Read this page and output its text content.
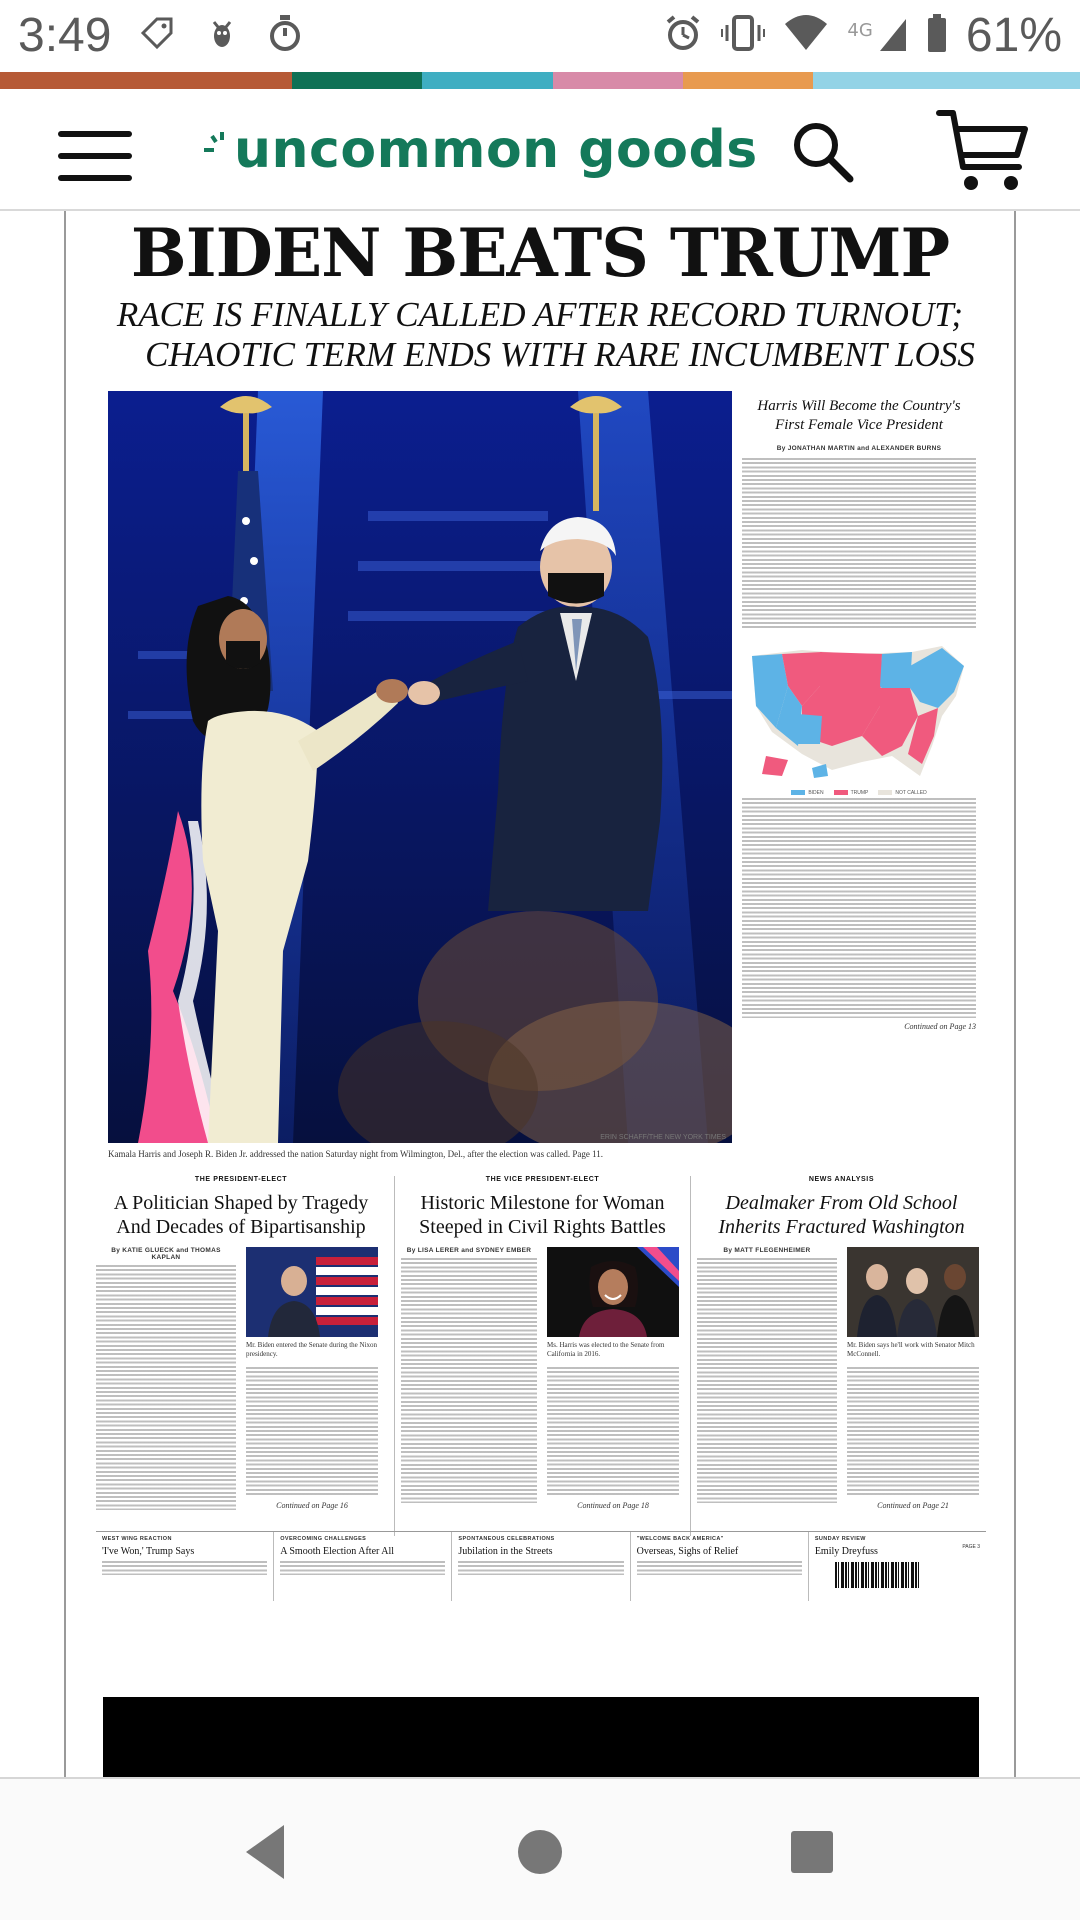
3:49	4G	61%
uncommon goods
BIDEN BEATS TRUMP
RACE IS FINALLY CALLED AFTER RECORD TURNOUT;
CHAOTIC TERM ENDS WITH RARE INCUMBENT LOSS
ERIN SCHAFF/THE NEW YORK TIMES
Kamala Harris and Joseph R. Biden Jr. addressed the nation Saturday night from Wilmington, Del., after the election was called. Page 11.
Harris Will Become the Country's First Female Vice President
By JONATHAN MARTIN and ALEXANDER BURNS
BIDEN	TRUMP	NOT CALLED
Continued on Page 13
THE PRESIDENT-ELECT
A Politician Shaped by Tragedy And Decades of Bipartisanship
By KATIE GLUECK and THOMAS KAPLAN
Mr. Biden entered the Senate during the Nixon presidency.
Continued on Page 16
THE VICE PRESIDENT-ELECT
Historic Milestone for Woman Steeped in Civil Rights Battles
By LISA LERER and SYDNEY EMBER
Ms. Harris was elected to the Senate from California in 2016.
Continued on Page 18
NEWS ANALYSIS
Dealmaker From Old School Inherits Fractured Washington
By MATT FLEGENHEIMER
Mr. Biden says he'll work with Senator Mitch McConnell.
Continued on Page 21
WEST WING REACTION
'I've Won,' Trump Says
OVERCOMING CHALLENGES
A Smooth Election After All
SPONTANEOUS CELEBRATIONS
Jubilation in the Streets
"WELCOME BACK AMERICA"
Overseas, Sighs of Relief
SUNDAY REVIEW
Emily Dreyfuss	PAGE 3
